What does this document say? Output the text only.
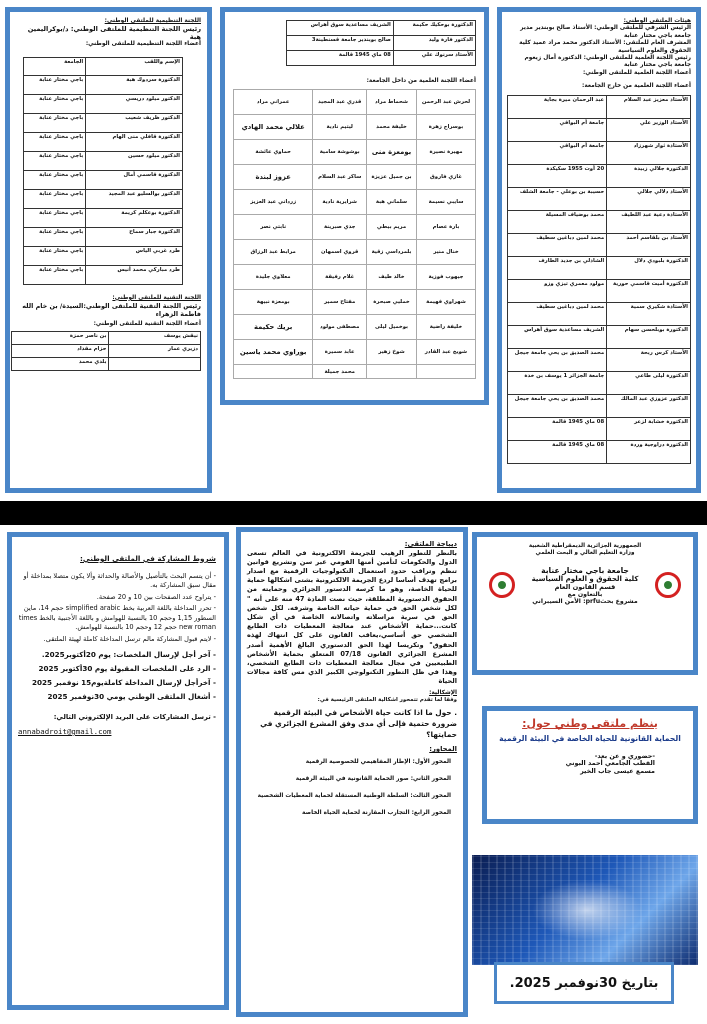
هيئات الملتقى الوطني:

الرئيس الشرفي للملتقى الوطني: الأستاذ صالح بوبندير مدير جامعة باجي مختار عنابة

المشرف العام للملتقى: الأستاذ الدكتور محمد مراد عميد كلية الحقوق والعلوم السياسية

رئيس اللجنة العلمية للملتقى الوطني: الدكتورة أمال زيغوم جامعة باجي مختار عنابة

أعضاء اللجنة العلمية للملتقى الوطني:

أعضاء اللجنة العلمية من خارج الجامعة:

الأستاذ معزيز عبد السلام	عبد الرحمان ميرة بجاية
الأستاذ الوزير علي	جامعة أم البواقي
الأستاذة ثوار شهرزاد	جامعة أم البواقي
الدكتورة جلالي زبيدة	20 أوت 1955 سكيكدة
الأستاذ دلالي جلالي	حسيبة بن بوعلي - جامعة الشلف
الأستاذة دعية عبد اللطيف	محمد بوضياف المسيلة
الأستاذ بن بلقاسم أحمد	محمد لمين دباغين سطيف
الدكتورة بلبودي دلال	الشاذلي بن جديد الطارف
الدكتورة أميت قاسمي حورية	مولود معمري تيزي وزو
الأستاذة شكيري سمية	محمد لمين دباغين سطيف
الدكتورة بوبلحسن سهام	الشريف مساعدية سوق أهراس
الأستاذ كرس ربحة	محمد الصديق بن يحي جامعة جيجل
الدكتورة ليلى طاعي	جامعة الجزائر 1 يوسف بن خدة
الدكتور عزوزي عبد المالك	محمد الصديق بن يحي جامعة جيجل
الدكتورة خشابة لزعر	08 ماي 1945 قالمة
الدكتورة دراوجية وردة	08 ماي 1945 قالمة
الدكتورة بوحكيك حكيمة	الشريف مساعدية سوق أهراس
الدكتور فارة وليد	صالح بوبندير جامعة قسنطينة3
الأستاذ سرنوك علي	08 ماي 1945 قالمة

أعضاء اللجنة العلمية من داخل الجامعة:

لحرش عبد الرحمن	شحماط مراد	قدري عبد المجيد	عمراني مراد
بوسراج زهرة	خليفة محمد	ليتيم نادية	علالي محمد الهادي
مهيرة نصيرة	بومعزة منى	بوشوشة سامية	حماوي عائشة
غازي فاروق	بن جميل عزيزة	ساكر عبد السلام	عزوز لبندة
سايبي نسيمة	سلماني هبة	شرايرية نادية	زرداني عبد العزيز
بارة عصام	مريم بيطي	جدي صبرينة	نابتي نصر
خنال منير	بلمرداسي زقية	قروي اسمهان	مرابط عبد الرزاق
جيهوب فوزية	خالد طيف	غلام رفيقة	معلاوي جليدة
شهراوي فهيمة	خمليي صبحرة	مفتاح سمير	بومعزة نبيهة
خليفة راضية	بوخميل ليلى	مصطفى مولود	بريك حكيمة
شويخ عبد القادر	شوخ زهير	عابد سميرة	بوراوي محمد ياسين
		محمد جميلة	

اللجنة التنظيمية للملتقى الوطني:

رئيس اللجنة التنظيمية للملتقى الوطني: د/بوكراليمين هبة

أعضاء اللجنة التنظيمية للملتقى الوطني:

الإسم واللقب	الجامعة
الدكتورة سردوك هبة	باجي مختار عنابة
الدكتور ميلود دريسي	باجي مختار عنابة
الدكتور ظريف شعيب	باجي مختار عنابة
الدكتورة قافلي منى الهام	باجي مختار عنابة
الدكتور ميلود حسين	باجي مختار عنابة
الدكتورة قاسمي أمال	باجي مختار عنابة
الدكتور بوالسليو عبد المجيد	باجي مختار عنابة
الدكتورة بوعكلم كريمة	باجي مختار عنابة
الدكتورة جبار سماح	باجي مختار عنابة
طرد غربي الياس	باجي مختار عنابة
طرد مباركي محمد أنيس	باجي مختار عنابة

اللجنة التقنية للملتقى الوطني:

رئيس اللجنة التقنية للملتقى الوطني:السيدة/ بن خام الله فاطمة الزهراء

أعضاء اللجنة التقنية للملتقى الوطني:

نيقش يوسف	بن ناصر حمزة
دزيري عمار	حزام مقداد
	بلدي محمد

شروط المشاركة في الملتقى الوطني:

- أن يتسم البحث بالتأصيل والأصالة والحداثة وألا يكون متصلا بمداخلة أو مقال سبق المشاركة به.

- يتراوح عدد الصفحات بين 10 و 20 صفحة.

- تحرر المداخلة باللغة العربية بخط simplified arabic حجم 14، ماين السطور 1,15 وحجم 10 بالنسبة للهوامش و باللغة الأجنبية بالخط times new roman حجم 12 وحجم 10 بالنسبة للهوامش.

- لايتم قبول المشاركة مالم ترسل المداخلة كاملة لهيئة الملتقى.

- آخر أجل لإرسال الملخصات: يوم 20أكتوبر2025.

- الرد على الملخصات المقبولة يوم 30أكتوبر 2025

- آخرأجل لإرسال المداخلة كاملةيوم15 نوفمبر 2025

- أشغال الملتقى الوطني يومي 30نوفمبر 2025

- ترسل المشاركات على البريد الإلكتروني التالي:

annabadroit@gmail.com

ديباجة الملتقى:

بالنظر للتطور الرهيب للجريمة الالكترونية في العالم تسعى الدول والحكومات لتأمين أمنها القومي عبر سن وتشريع قوانين تنظم وتراقب حدود استعمال التكنولوجيات الرقمية مع اصدار برامج تهدف أساسا لردع الجريمة الالكترونية بشتى اشكالها حماية للحياة الخاصة، وهو ما كرسه الدستور الجزائري وحمايته من الحقوق الدستورية المطلقة، حيث نصت المادة 47 منه على أنه " لكل شخص الحق في حماية حياته الخاصة وشرفه. لكل شخص الحق في سرية مراسلاته واتصالاته الخاصة في أي شكل كانت...حماية الأشخاص عند معالجة المعطيات ذات الطابع الشخصي حق أساسي،يعاقب القانون على كل انتهاك لهذه الحقوق" وتكريسا لهذا الحق الدستوري البالغ الأهمية أصدر المشرع الجزائري القانون 07/18 المتعلق بحماية الأشخاص الطبيعيين في مجال معالجة المعطيات ذات الطابع الشخصي، وهذا في ظل التطور التكنولوجي الكبير الذي مس كافة مجالات الحياة

الإشكالية:

وفقا لما تقدم تتمحور اشكالية الملتقى الرئيسية في:

. حول ما اذا كانت حياة الأشخاص في البيئة الرقمية ضرورة حتمية فإلى أي مدى وفق المشرع الجزائري في حمايتها؟

المحاور:

المحور الأول: الإطار المفاهيمي للخصوصية الرقمية

المحور الثاني: صور الحماية القانونية في البيئة الرقمية

المحور الثالث: السلطة الوطنية المستقلة لحماية المعطيات الشخصية

المحور الرابع: التجارب المقارنة لحماية الحياة الخاصة

الجمهورية الجزائرية الديمقراطية الشعبية

وزارة التعليم العالي و البحث العلمي

جامعة باجي مختار عنابة

كلية الحقوق و العلوم السياسية

قسم القانون العام

بالتعاون مع

مشروع بحثprfu: الأمن السيبراني

ينظم ملتقى وطني حول:

الحماية القانونية للحياة الخاصة في البيئة الرقمية

-حضوري و عن بعد-

القطب الجامعي أحمد البوني

مسمع عيسى جاب الخير

بتاريخ 30نوفمبر 2025.
